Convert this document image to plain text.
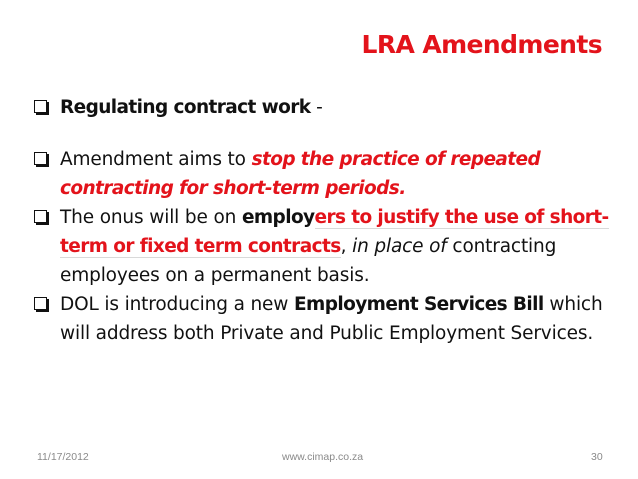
LRA Amendments
Regulating contract work -
Amendment aims to stop the practice of repeated contracting for short-term periods.
The onus will be on employers to justify the use of short-term or fixed term contracts, in place of contracting employees on a permanent basis.
DOL is introducing a new Employment Services Bill which will address both Private and Public Employment Services.
11/17/2012	www.cimap.co.za	30
